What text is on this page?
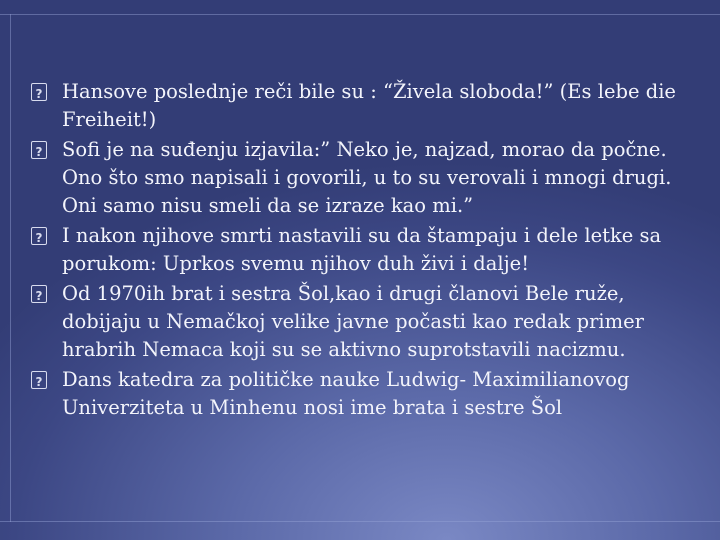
?
Hansove poslednje reči bile su : “Živela sloboda!” (Es lebe die Freiheit!)
?
Sofi je na suđenju izjavila:” Neko je, najzad, morao da počne. Ono što smo napisali i govorili, u to su verovali i mnogi drugi. Oni samo nisu smeli da se izraze kao mi.”
?
I nakon njihove smrti nastavili su da štampaju i dele letke sa porukom: Uprkos svemu njihov duh živi i dalje!
?
Od 1970ih brat i sestra Šol,kao i drugi članovi Bele ruže, dobijaju u Nemačkoj velike javne počasti kao redak primer hrabrih Nemaca koji su se aktivno suprotstavili nacizmu.
?
Dans katedra za političke nauke Ludwig- Maximilianovog Univerziteta u Minhenu nosi ime brata i sestre Šol
